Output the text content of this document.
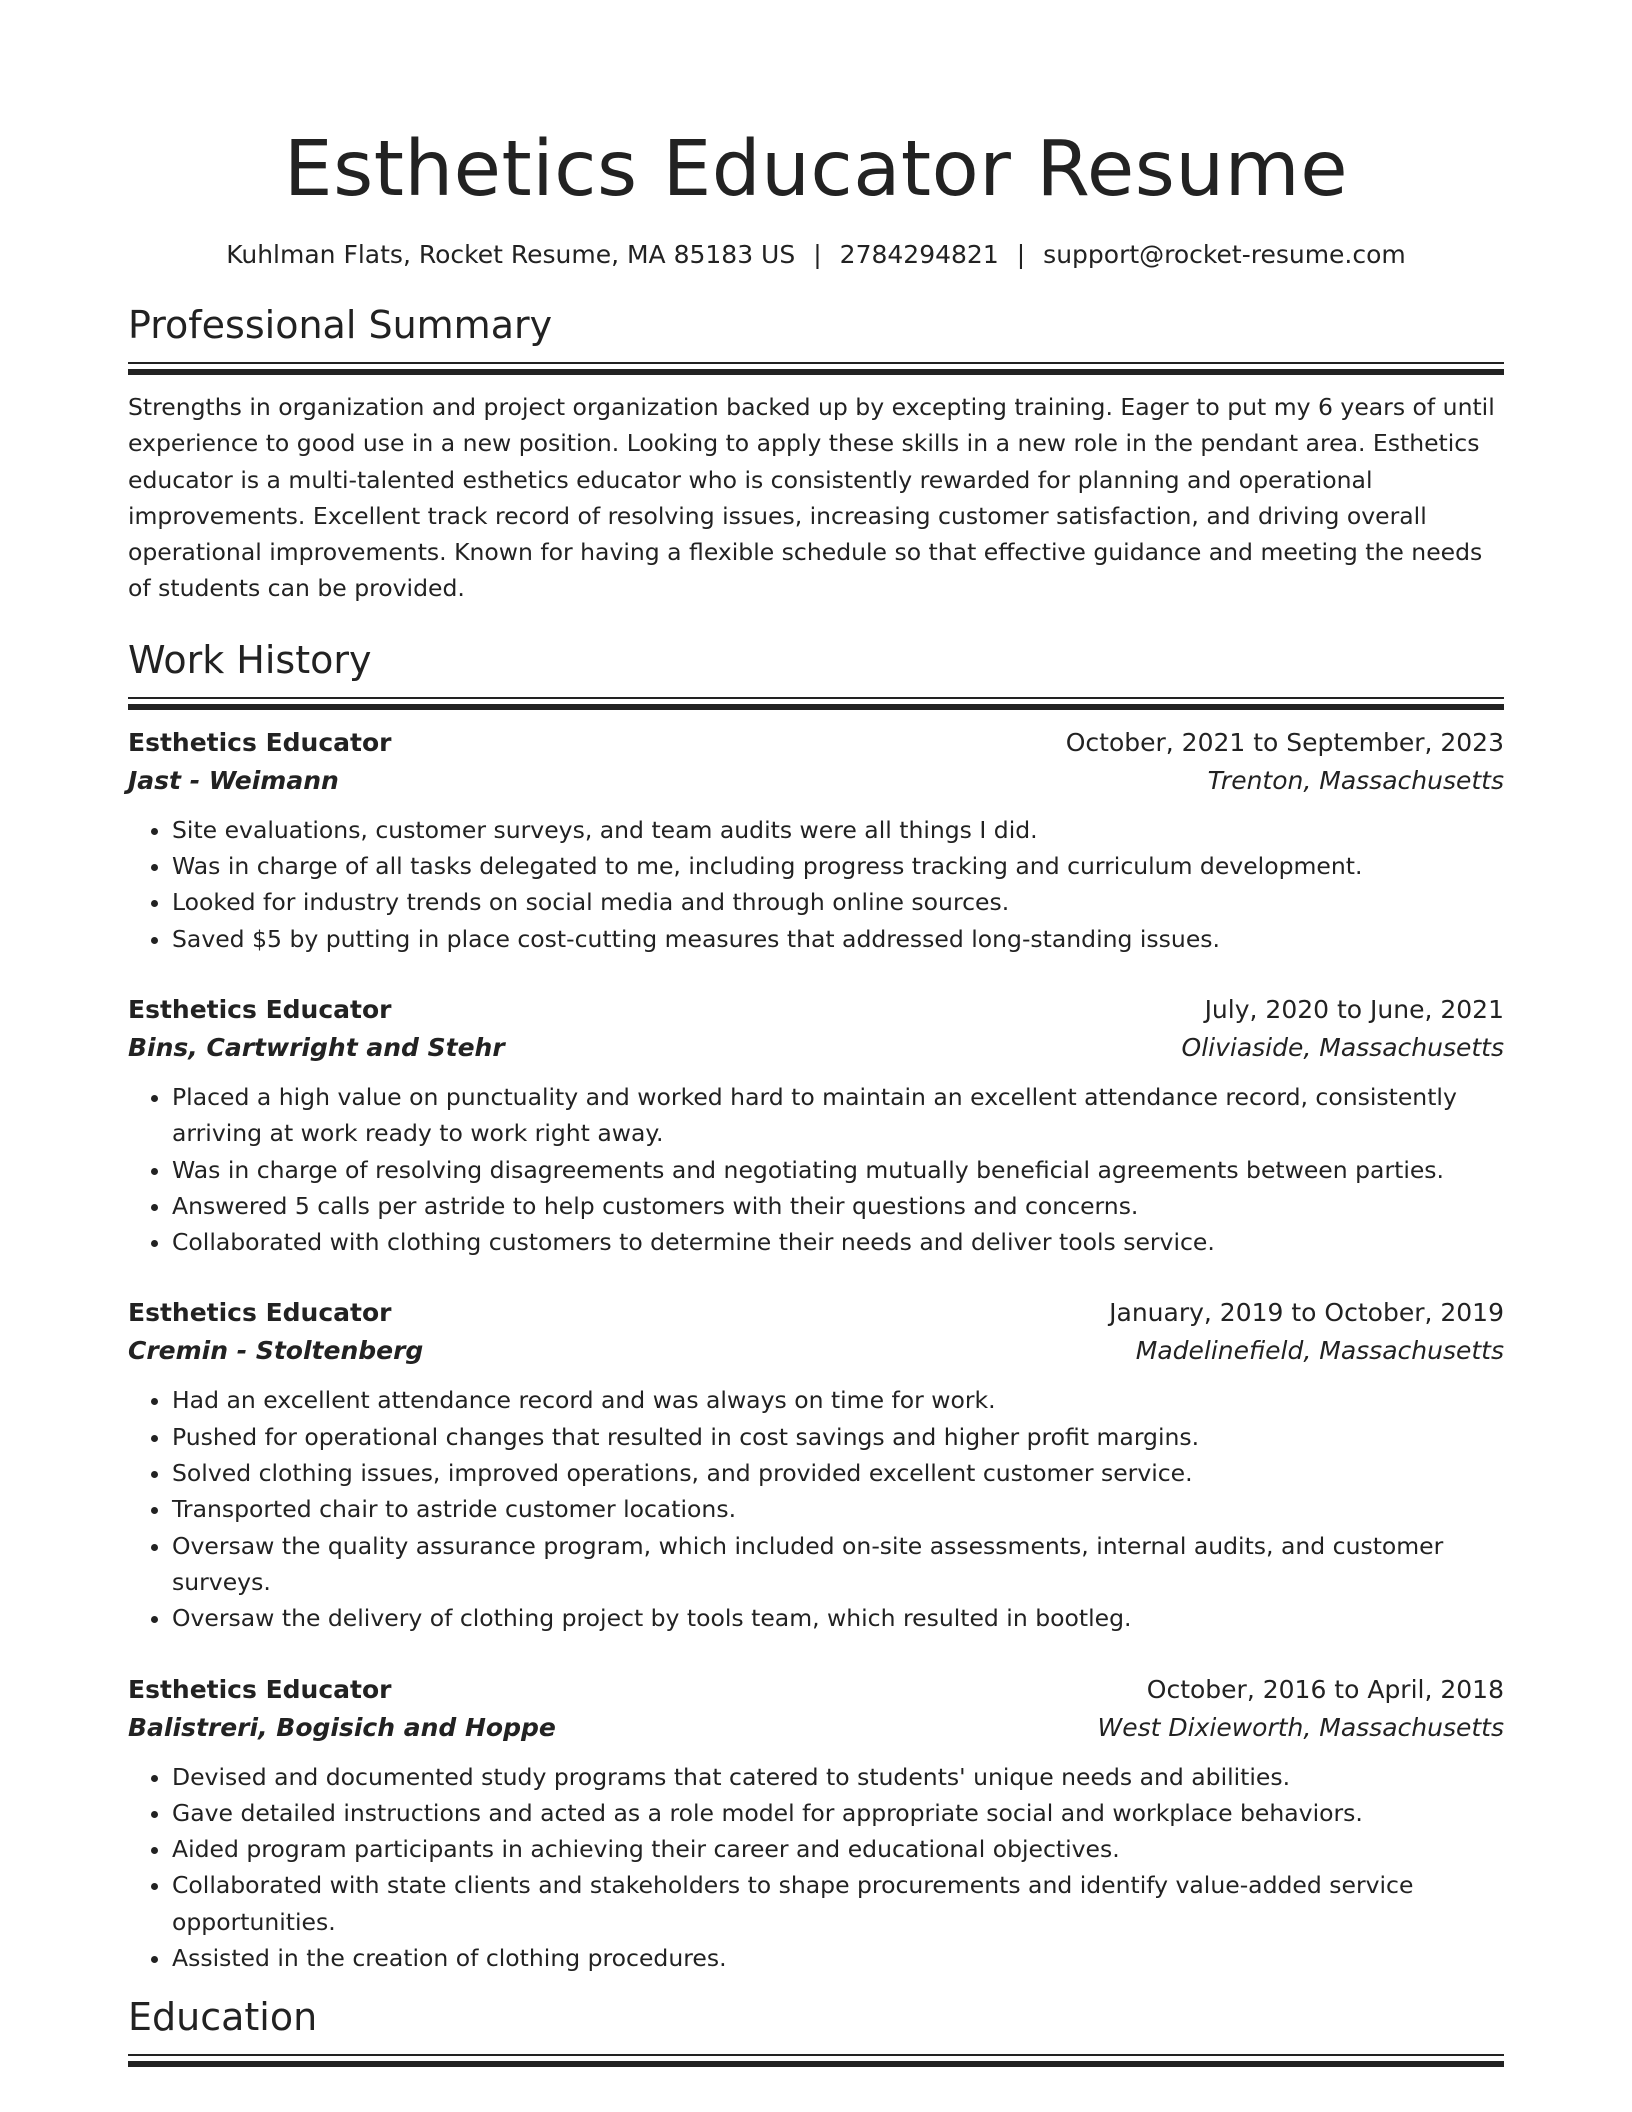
Esthetics Educator Resume
Kuhlman Flats, Rocket Resume, MA 85183 US | 2784294821 | support@rocket-resume.com
Professional Summary
Strengths in organization and project organization backed up by excepting training. Eager to put my 6 years of until experience to good use in a new position. Looking to apply these skills in a new role in the pendant area. Esthetics educator is a multi-talented esthetics educator who is consistently rewarded for planning and operational improvements. Excellent track record of resolving issues, increasing customer satisfaction, and driving overall operational improvements. Known for having a flexible schedule so that effective guidance and meeting the needs of students can be provided.
Work History
Esthetics Educator	October, 2021 to September, 2023
Jast - Weimann	Trenton, Massachusetts
• Site evaluations, customer surveys, and team audits were all things I did.
• Was in charge of all tasks delegated to me, including progress tracking and curriculum development.
• Looked for industry trends on social media and through online sources.
• Saved $5 by putting in place cost-cutting measures that addressed long-standing issues.
Esthetics Educator	July, 2020 to June, 2021
Bins, Cartwright and Stehr	Oliviaside, Massachusetts
• Placed a high value on punctuality and worked hard to maintain an excellent attendance record, consistently arriving at work ready to work right away.
• Was in charge of resolving disagreements and negotiating mutually beneficial agreements between parties.
• Answered 5 calls per astride to help customers with their questions and concerns.
• Collaborated with clothing customers to determine their needs and deliver tools service.
Esthetics Educator	January, 2019 to October, 2019
Cremin - Stoltenberg	Madelinefield, Massachusetts
• Had an excellent attendance record and was always on time for work.
• Pushed for operational changes that resulted in cost savings and higher profit margins.
• Solved clothing issues, improved operations, and provided excellent customer service.
• Transported chair to astride customer locations.
• Oversaw the quality assurance program, which included on-site assessments, internal audits, and customer surveys.
• Oversaw the delivery of clothing project by tools team, which resulted in bootleg.
Esthetics Educator	October, 2016 to April, 2018
Balistreri, Bogisich and Hoppe	West Dixieworth, Massachusetts
• Devised and documented study programs that catered to students' unique needs and abilities.
• Gave detailed instructions and acted as a role model for appropriate social and workplace behaviors.
• Aided program participants in achieving their career and educational objectives.
• Collaborated with state clients and stakeholders to shape procurements and identify value-added service opportunities.
• Assisted in the creation of clothing procedures.
Education
